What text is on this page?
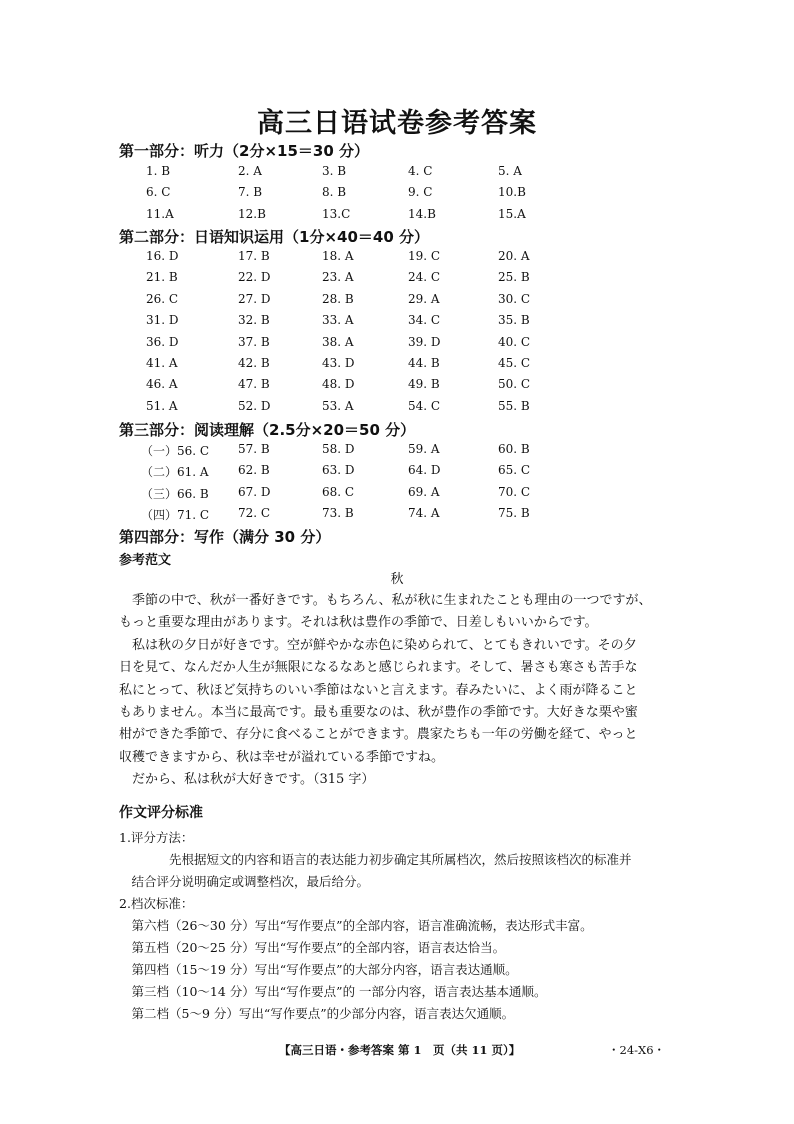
高三日语试卷参考答案
第一部分：听力（2分×15＝30 分）
1. B	2. A	3. B	4. C	5. A
6. C	7. B	8. B	9. C	10.B
11.A	12.B	13.C	14.B	15.A
第二部分：日语知识运用（1分×40＝40 分）
16. D	17. B	18. A	19. C	20. A
21. B	22. D	23. A	24. C	25. B
26. C	27. D	28. B	29. A	30. C
31. D	32. B	33. A	34. C	35. B
36. D	37. B	38. A	39. D	40. C
41. A	42. B	43. D	44. B	45. C
46. A	47. B	48. D	49. B	50. C
51. A	52. D	53. A	54. C	55. B
第三部分：阅读理解（2.5分×20＝50 分）
（一）56. C 57. B	58. D	59. A	60. B
（二）61. A 62. B	63. D	64. D	65. C
（三）66. B 67. D	68. C	69. A	70. C
（四）71. C 72. C	73. B	74. A	75. B
第四部分：写作（满分 30 分）
参考范文
秋

　季節の中で、秋が一番好きです。もちろん、私が秋に生まれたことも理由の一つですが、

もっと重要な理由があります。それは秋は豊作の季節で、日差しもいいからです。

　私は秋の夕日が好きです。空が鮮やかな赤色に染められて、とてもきれいです。その夕

日を見て、なんだか人生が無限になるなあと感じられます。そして、暑さも寒さも苦手な

私にとって、秋ほど気持ちのいい季節はないと言えます。春みたいに、よく雨が降ること

もありません。本当に最高です。最も重要なのは、秋が豊作の季節です。大好きな栗や蜜

柑ができた季節で、存分に食べることができます。農家たちも一年の労働を経て、やっと

収穫できますから、秋は幸せが溢れている季節ですね。

　だから、私は秋が大好きです。（315 字）

作文评分标准

1.评分方法：

　　　　先根据短文的内容和语言的表达能力初步确定其所属档次，然后按照该档次的标准并

　结合评分说明确定或调整档次，最后给分。

2.档次标准：

　第六档（26～30 分）写出“写作要点”的全部内容，语言准确流畅，表达形式丰富。

　第五档（20～25 分）写出“写作要点”的全部内容，语言表达恰当。

　第四档（15～19 分）写出“写作要点”的大部分内容，语言表达通顺。

　第三档（10～14 分）写出“写作要点”的 一部分内容，语言表达基本通顺。

　第二档（5～9 分）写出“写作要点”的少部分内容，语言表达欠通顺。

【高三日语・参考答案 第 1　页（共 11 页）】	・24-X6・
